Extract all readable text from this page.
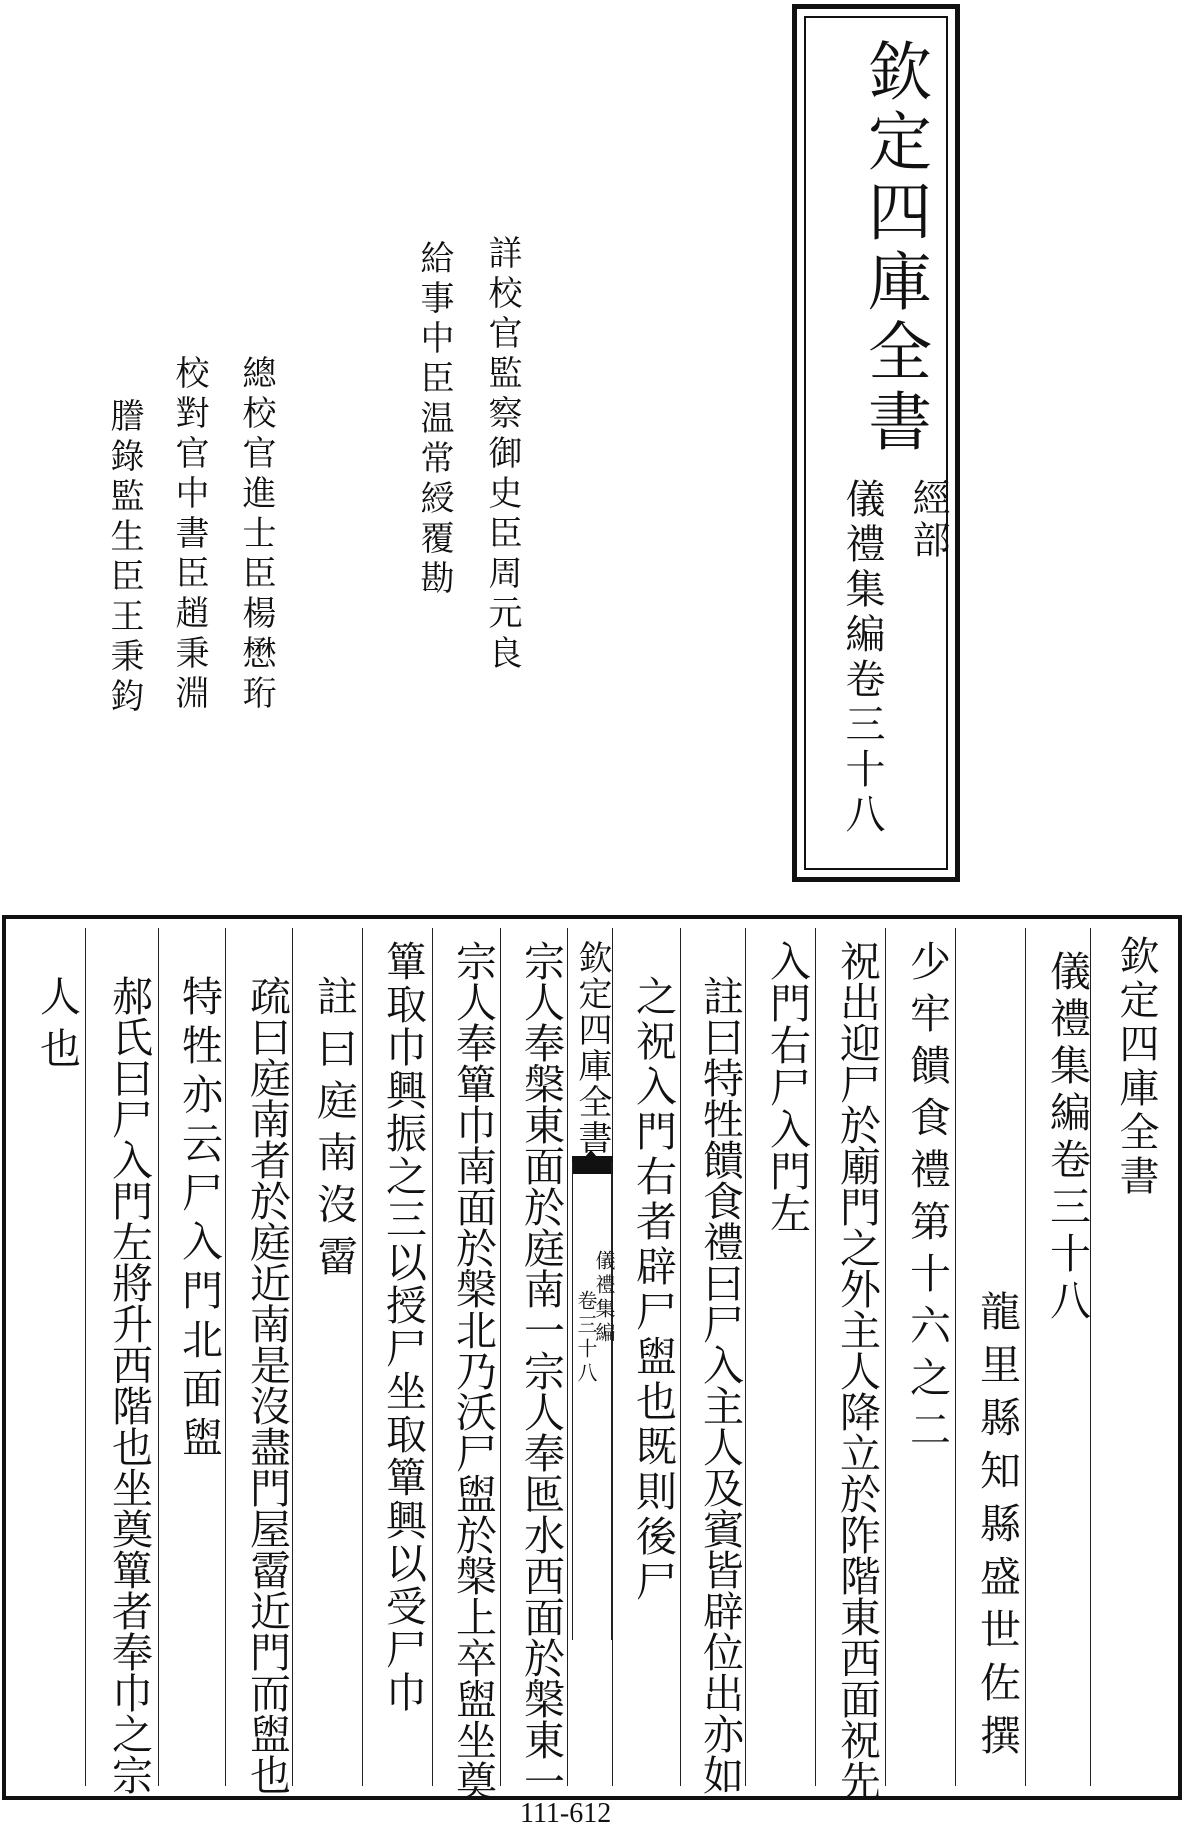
欽定四庫全書
經部
儀禮集編卷三十八
詳校官監察御史臣周元良
給事中臣温常綬覆勘
總校官進士臣楊懋珩
校對官中書臣趙秉淵
謄錄監生臣王秉鈞
欽定四庫全書
儀禮集編卷三十八
龍里縣知縣盛世佐撰
少牢饋食禮第十六之二
祝出迎尸於廟門之外主人降立於阼階東西面祝先
入門右尸入門左
註曰特牲饋食禮曰尸入主人及賓皆辟位出亦如
之祝入門右者辟尸盥也既則後尸
欽定四庫全書
儀禮集編
卷三十八
宗人奉槃東面於庭南一宗人奉匜水西面於槃東一
宗人奉簞巾南面於槃北乃沃尸盥於槃上卒盥坐奠
簞取巾興振之三以授尸坐取簞興以受尸巾
註曰庭南沒霤
疏曰庭南者於庭近南是沒盡門屋霤近門而盥也
特牲亦云尸入門北面盥
郝氏曰尸入門左將升西階也坐奠簞者奉巾之宗
人也
111-612
